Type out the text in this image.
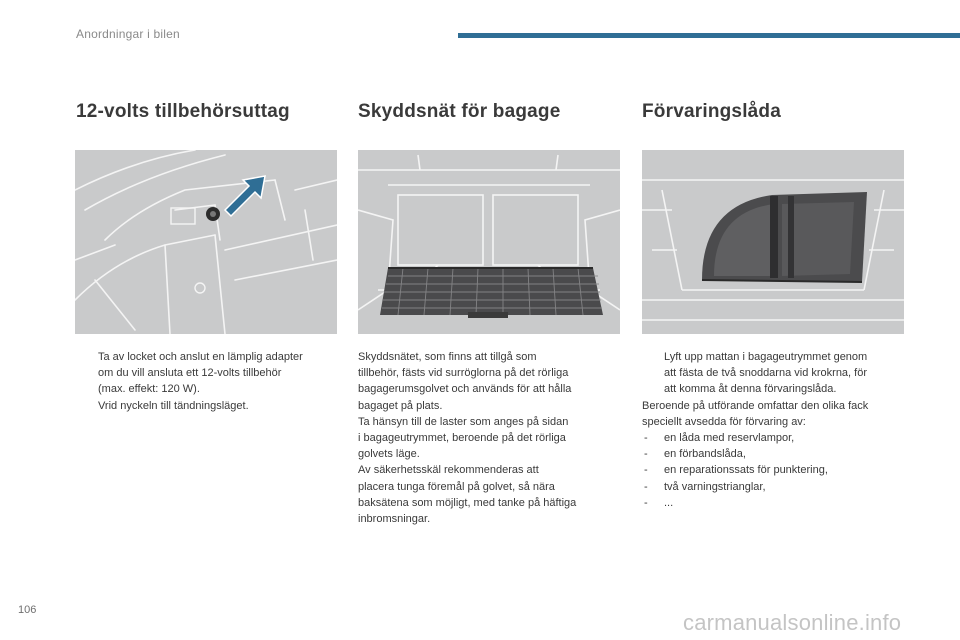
Anordningar i bilen
12-volts tillbehörsuttag	Skyddsnät för bagage	Förvaringslåda
Ta av locket och anslut en lämplig adapter
om du vill ansluta ett 12-volts tillbehör
(max. effekt: 120 W).
Vrid nyckeln till tändningsläget.
Skyddsnätet, som finns att tillgå som
tillbehör, fästs vid surröglorna på det rörliga
bagagerumsgolvet och används för att hålla
bagaget på plats.
Ta hänsyn till de laster som anges på sidan
i bagageutrymmet, beroende på det rörliga
golvets läge.
Av säkerhetsskäl rekommenderas att
placera tunga föremål på golvet, så nära
baksätena som möjligt, med tanke på häftiga
inbromsningar.
Lyft upp mattan i bagageutrymmet genom
att fästa de två snoddarna vid krokrna, för
att komma åt denna förvaringslåda.
Beroende på utförande omfattar den olika fack
speciellt avsedda för förvaring av:
- en låda med reservlampor,
- en förbandslåda,
- en reparationssats för punktering,
- två varningstrianglar,
- ...
106	carmanualsonline.info
